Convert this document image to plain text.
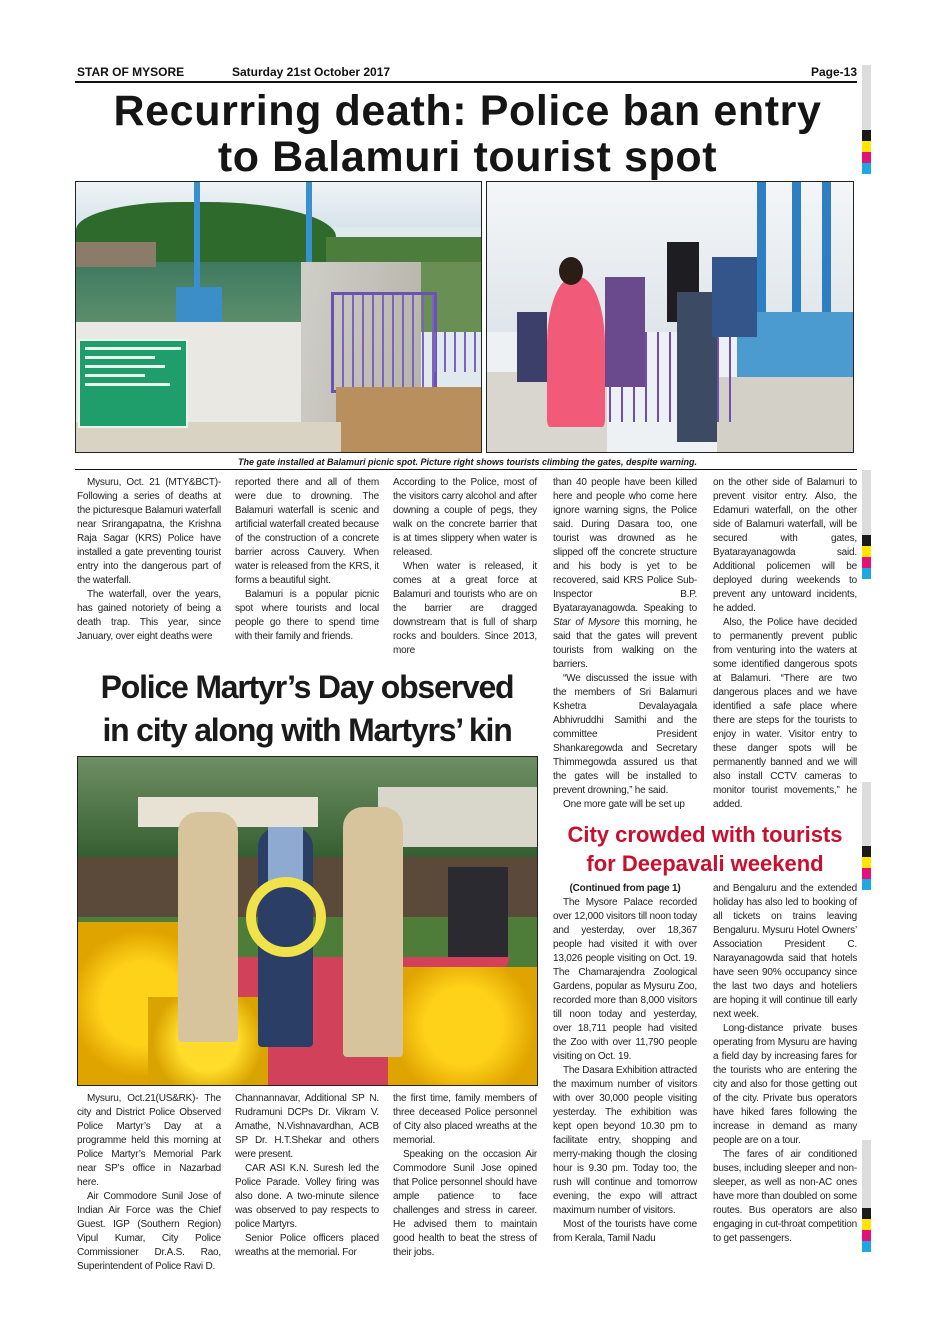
STAR OF MYSORE	Saturday 21st October 2017	Page-13
Recurring death: Police ban entry
to Balamuri tourist spot
The gate installed at Balamuri picnic spot. Picture right shows tourists climbing the gates, despite warning.

Mysuru, Oct. 21 (MTY&BCT)- Following a series of deaths at the picturesque Balamuri waterfall near Srirangapatna, the Krishna Raja Sagar (KRS) Police have installed a gate preventing tourist entry into the dangerous part of the waterfall.

The waterfall, over the years, has gained notoriety of being a death trap. This year, since January, over eight deaths were

reported there and all of them were due to drowning. The Balamuri waterfall is scenic and artificial waterfall created because of the construction of a concrete barrier across Cauvery. When water is released from the KRS, it forms a beautiful sight.

Balamuri is a popular picnic spot where tourists and local people go there to spend time with their family and friends.

According to the Police, most of the visitors carry alcohol and after downing a couple of pegs, they walk on the concrete barrier that is at times slippery when water is released.

When water is released, it comes at a great force at Balamuri and tourists who are on the barrier are dragged downstream that is full of sharp rocks and boulders. Since 2013, more

Police Martyr’s Day observed
in city along with Martyrs’ kin

Mysuru, Oct.21(US&RK)- The city and District Police Observed Police Martyr’s Day at a programme held this morning at Police Martyr’s Memorial Park near SP’s office in Nazarbad here.

Air Commodore Sunil Jose of Indian Air Force was the Chief Guest. IGP (Southern Region) Vipul Kumar, City Police Commissioner Dr.A.S. Rao, Superintendent of Police Ravi D.

Channannavar, Additional SP N. Rudramuni DCPs Dr. Vikram V. Amathe, N.Vishnavardhan, ACB SP Dr. H.T.Shekar and others were present.

CAR ASI K.N. Suresh led the Police Parade. Volley firing was also done. A two-minute silence was observed to pay respects to police Martyrs.

Senior Police officers placed wreaths at the memorial. For

the first time, family members of three deceased Police personnel of City also placed wreaths at the memorial.

Speaking on the occasion Air Commodore Sunil Jose opined that Police personnel should have ample patience to face challenges and stress in career. He advised them to maintain good health to beat the stress of their jobs.

than 40 people have been killed here and people who come here ignore warning signs, the Police said. During Dasara too, one tourist was drowned as he slipped off the concrete structure and his body is yet to be recovered, said KRS Police Sub-Inspector B.P. Byatarayanagowda. Speaking to Star of Mysore this morning, he said that the gates will prevent tourists from walking on the barriers.

“We discussed the issue with the members of Sri Balamuri Kshetra Devalayagala Abhivruddhi Samithi and the committee President Shankaregowda and Secretary Thimmegowda assured us that the gates will be installed to prevent drowning,” he said.

One more gate will be set up

on the other side of Balamuri to prevent visitor entry. Also, the Edamuri waterfall, on the other side of Balamuri waterfall, will be secured with gates, Byatarayanagowda said. Additional policemen will be deployed during weekends to prevent any untoward incidents, he added.

Also, the Police have decided to permanently prevent public from venturing into the waters at some identified dangerous spots at Balamuri. “There are two dangerous places and we have identified a safe place where there are steps for the tourists to enjoy in water. Visitor entry to these danger spots will be permanently banned and we will also install CCTV cameras to monitor tourist movements,” he added.

City crowded with tourists
for Deepavali weekend

(Continued from page 1)

The Mysore Palace recorded over 12,000 visitors till noon today and yesterday, over 18,367 people had visited it with over 13,026 people visiting on Oct. 19. The Chamarajendra Zoological Gardens, popular as Mysuru Zoo, recorded more than 8,000 visitors till noon today and yesterday, over 18,711 people had visited the Zoo with over 11,790 people visiting on Oct. 19.

The Dasara Exhibition attracted the maximum number of visitors with over 30,000 people visiting yesterday. The exhibition was kept open beyond 10.30 pm to facilitate entry, shopping and merry-making though the closing hour is 9.30 pm. Today too, the rush will continue and tomorrow evening, the expo will attract maximum number of visitors.

Most of the tourists have come from Kerala, Tamil Nadu

and Bengaluru and the extended holiday has also led to booking of all tickets on trains leaving Bengaluru. Mysuru Hotel Owners’ Association President C. Narayanagowda said that hotels have seen 90% occupancy since the last two days and hoteliers are hoping it will continue till early next week.

Long-distance private buses operating from Mysuru are having a field day by increasing fares for the tourists who are entering the city and also for those getting out of the city. Private bus operators have hiked fares following the increase in demand as many people are on a tour.

The fares of air conditioned buses, including sleeper and non-sleeper, as well as non-AC ones have more than doubled on some routes. Bus operators are also engaging in cut-throat competition to get passengers.
